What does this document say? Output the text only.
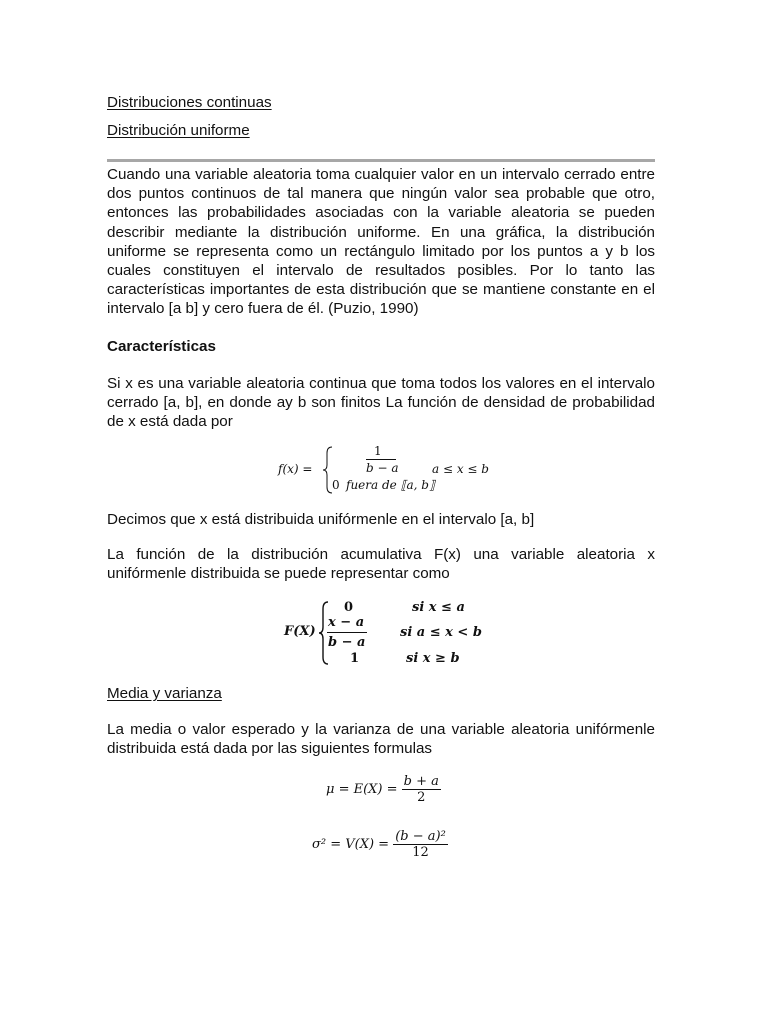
Distribuciones continuas
Distribución uniforme
Cuando una variable aleatoria toma cualquier valor en un intervalo cerrado entre dos puntos continuos de tal manera que ningún valor sea probable que otro, entonces las probabilidades asociadas con la variable aleatoria se pueden describir mediante la distribución uniforme. En una gráfica, la distribución uniforme se representa como un rectángulo limitado por los puntos a y b los cuales constituyen el intervalo de resultados posibles. Por lo tanto las características importantes de esta distribución que se mantiene constante en el intervalo [a b] y cero fuera de él. (Puzio, 1990)
Características
Si x es una variable aleatoria continua que toma todos los valores en el intervalo cerrado [a, b], en donde ay b son finitos La función de densidad de probabilidad de x está dada por
f(x) =
1
b − a	a ≤ x ≤ b
0 fuera de ⟦a, b⟧
Decimos que x está distribuida unifórmenle en el intervalo [a, b]
La función de la distribución acumulativa F(x) una variable aleatoria x unifórmenle distribuida se puede representar como
F(X)
0	si x ≤ a
x − a
b − a
si a ≤ x < b
1	si x ≥ b
Media y varianza
La media o valor esperado y la varianza de una variable aleatoria unifórmenle distribuida está dada por las siguientes formulas
$\mu = E(X) = \frac{b + a}{2}$
$\sigma^2 = V(X) = \frac{\text{(b − a)²}}{12}$
